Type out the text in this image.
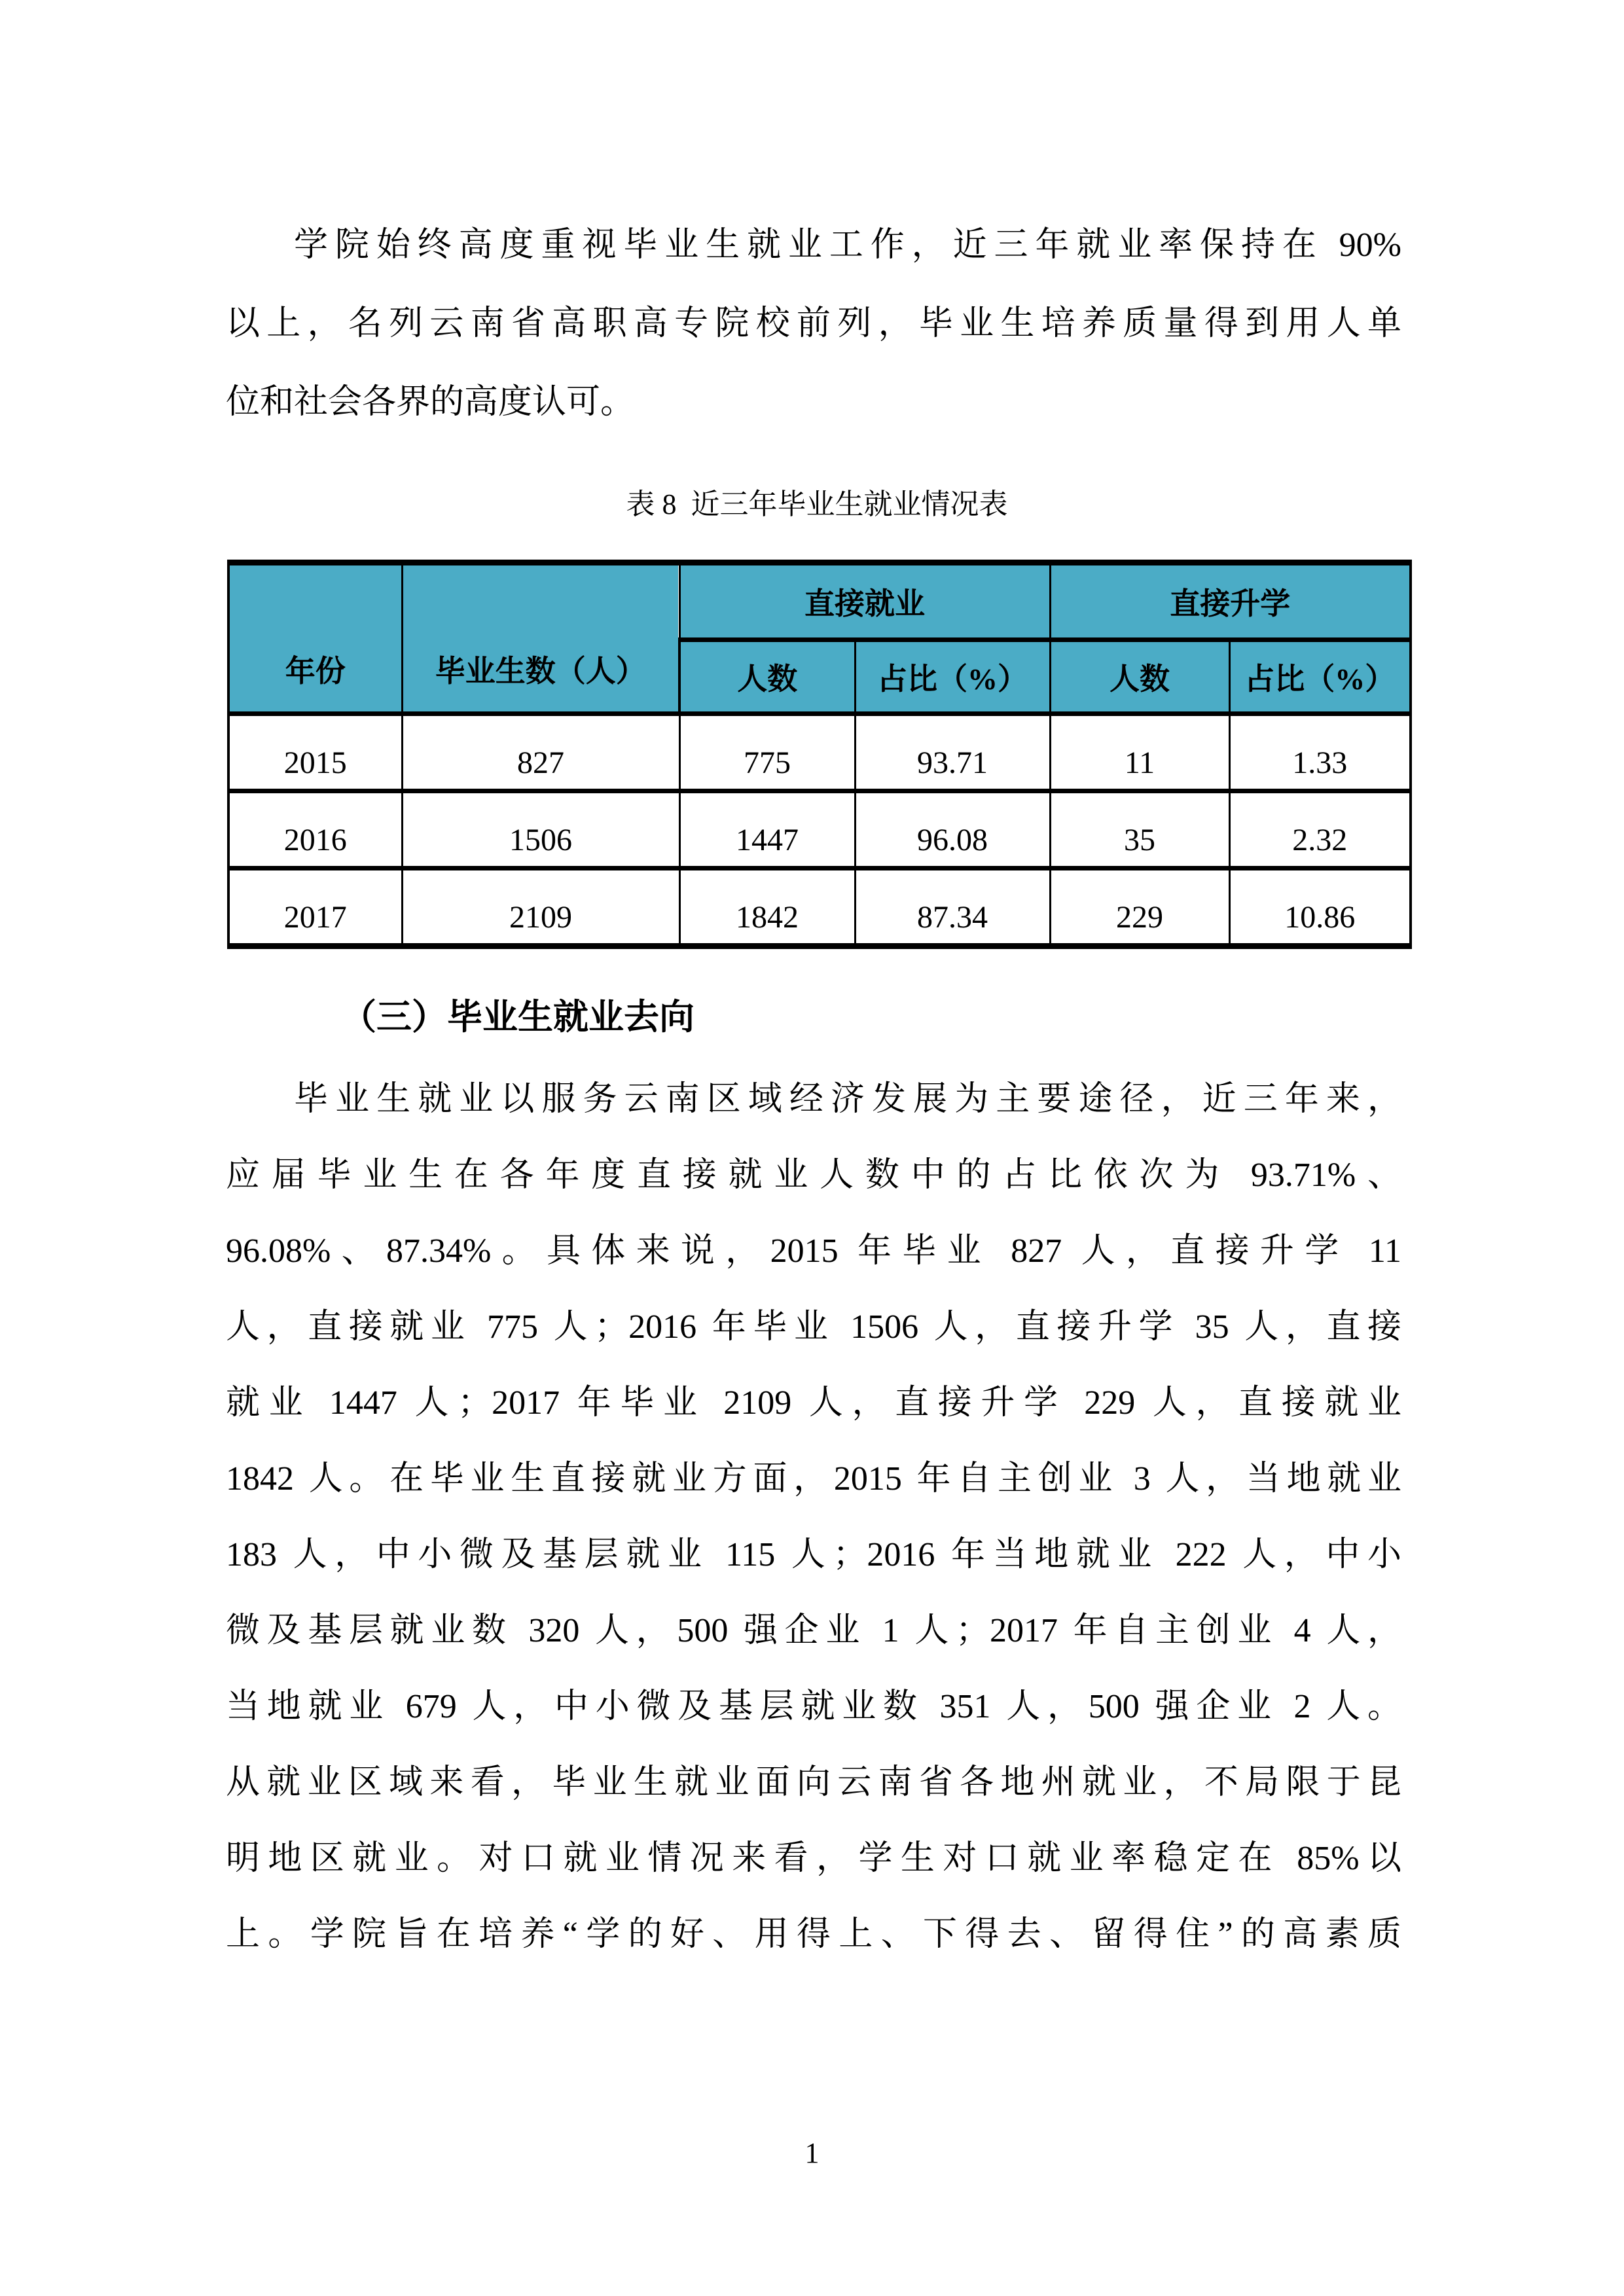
学院始终高度重视毕业生就业工作，近三年就业率保持在 90%
以上，名列云南省高职高专院校前列，毕业生培养质量得到用人单
位和社会各界的高度认可。
表 8  近三年毕业生就业情况表
年份	毕业生数（人）	直接就业		直接升学	
		人数	占比（%）	人数	占比（%）
2015	827	775	93.71	11	1.33
2016	1506	1447	96.08	35	2.32
2017	2109	1842	87.34	229	10.86
（三）毕业生就业去向
毕业生就业以服务云南区域经济发展为主要途径，近三年来，
应届毕业生在各年度直接就业人数中的占比依次为 93.71%、
96.08%、87.34%。具体来说，2015 年毕业 827 人，直接升学 11
人，直接就业 775 人；2016 年毕业 1506 人，直接升学 35 人，直接
就业 1447 人；2017 年毕业 2109 人，直接升学 229 人，直接就业
1842 人。在毕业生直接就业方面，2015 年自主创业 3 人，当地就业
183 人，中小微及基层就业 115 人；2016 年当地就业 222 人，中小
微及基层就业数 320 人，500 强企业 1 人；2017 年自主创业 4 人，
当地就业 679 人，中小微及基层就业数 351 人，500 强企业 2 人。
从就业区域来看，毕业生就业面向云南省各地州就业，不局限于昆
明地区就业。对口就业情况来看，学生对口就业率稳定在 85%以
上。学院旨在培养“学的好、用得上、下得去、留得住”的高素质
1
